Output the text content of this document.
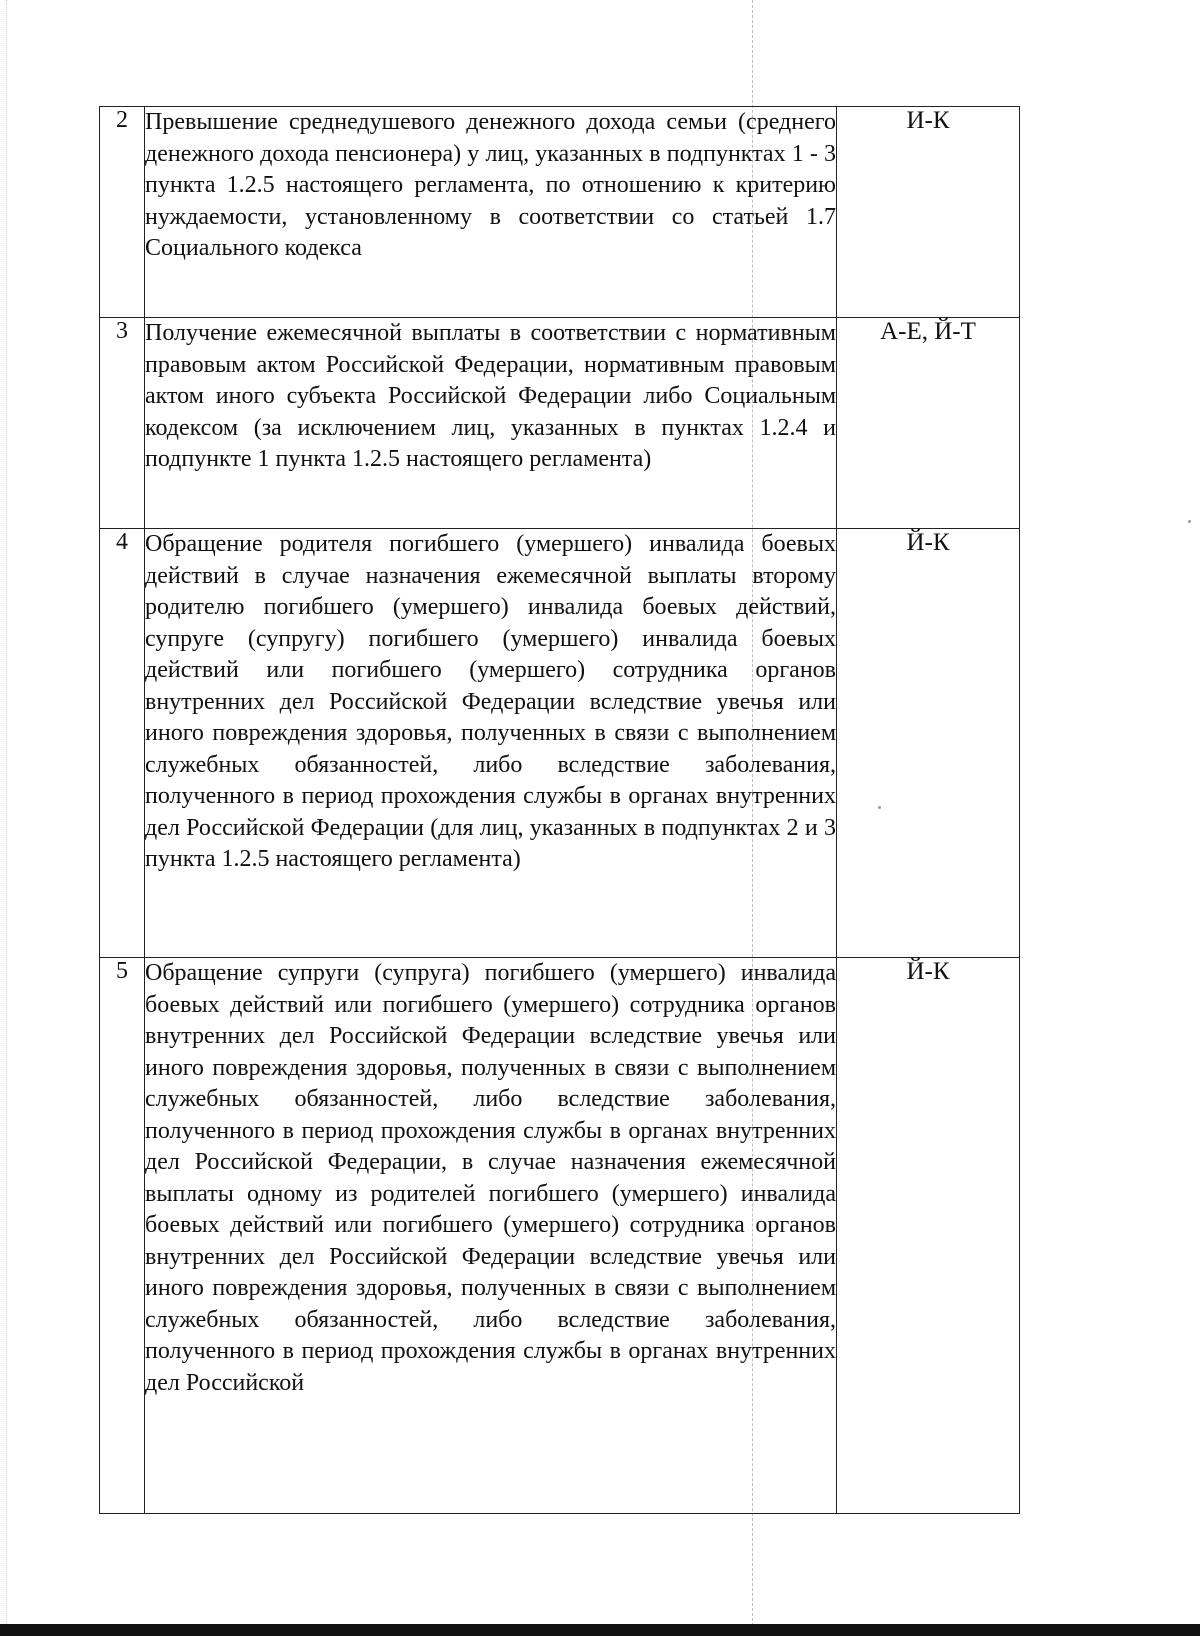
2	Превышение среднедушевого денежного дохода семьи (среднего денежного дохода пенсионера) у лиц, указанных в подпунктах 1 - 3 пункта 1.2.5 настоящего регламента, по отношению к критерию нуждаемости, установленному в соответствии со статьей 1.7 Социального кодекса	И-К
3	Получение ежемесячной выплаты в соответствии с нормативным правовым актом Российской Федерации, нормативным правовым актом иного субъекта Российской Федерации либо Социальным кодексом (за исключением лиц, указанных в пунктах 1.2.4 и подпункте 1 пункта 1.2.5 настоящего регламента)	А-Е, Й-Т
4	Обращение родителя погибшего (умершего) инвалида боевых действий в случае назначения ежемесячной выплаты второму родителю погибшего (умершего) инвалида боевых действий, супруге (супругу) погибшего (умершего) инвалида боевых действий или погибшего (умершего) сотрудника органов внутренних дел Российской Федерации вследствие увечья или иного повреждения здоровья, полученных в связи с выполнением служебных обязанностей, либо вследствие заболевания, полученного в период прохождения службы в органах внутренних дел Российской Федерации (для лиц, указанных в подпунктах 2 и 3 пункта 1.2.5 настоящего регламента)	Й-К
5	Обращение супруги (супруга) погибшего (умершего) инвалида боевых действий или погибшего (умершего) сотрудника органов внутренних дел Российской Федерации вследствие увечья или иного повреждения здоровья, полученных в связи с выполнением служебных обязанностей, либо вследствие заболевания, полученного в период прохождения службы в органах внутренних дел Российской Федерации, в случае назначения ежемесячной выплаты одному из родителей погибшего (умершего) инвалида боевых действий или погибшего (умершего) сотрудника органов внутренних дел Российской Федерации вследствие увечья или иного повреждения здоровья, полученных в связи с выполнением служебных обязанностей, либо вследствие заболевания, полученного в период прохождения службы в органах внутренних дел Российской	Й-К
